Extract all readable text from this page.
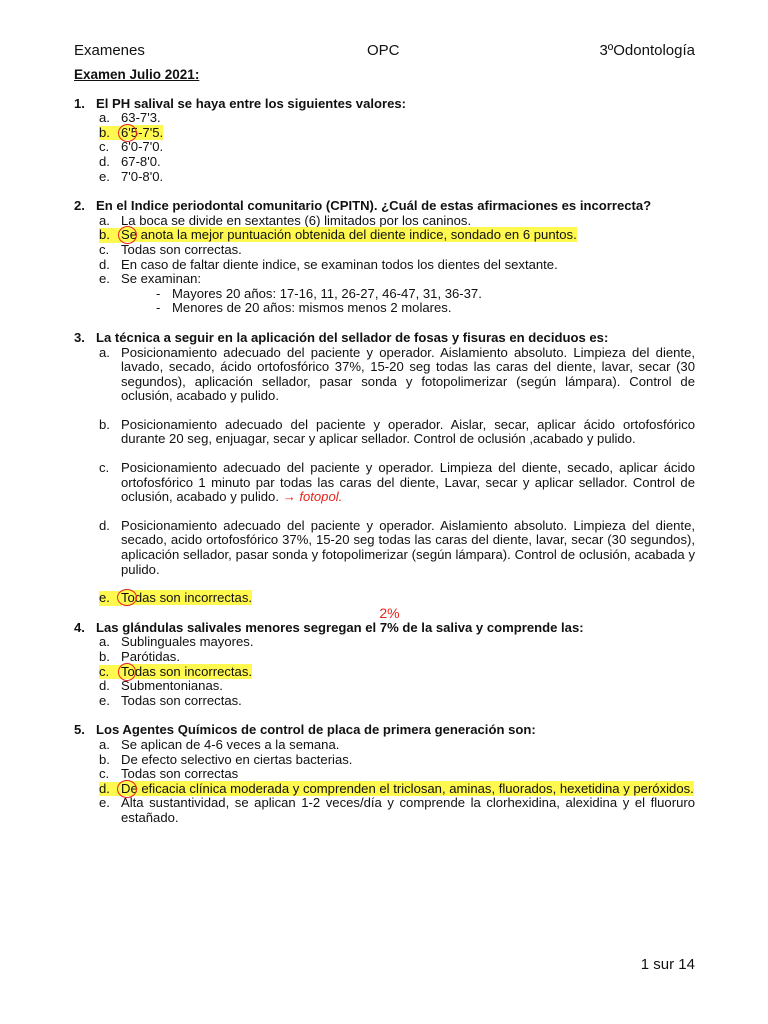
Examenes	OPC	3ºOdontología
Examen Julio 2021:
1. El PH salival se haya entre los siguientes valores:
a. 63-7'3.
b. 6'5-7'5.
c. 6'0-7'0.
d. 67-8'0.
e. 7'0-8'0.
2. En el Indice periodontal comunitario (CPITN). ¿Cuál de estas afirmaciones es incorrecta?
a. La boca se divide en sextantes (6) limitados por los caninos.
b. Se anota la mejor puntuación obtenida del diente indice, sondado en 6 puntos.
c. Todas son correctas.
d. En caso de faltar diente indice, se examinan todos los dientes del sextante.
e. Se examinan:
- Mayores 20 años: 17-16, 11, 26-27, 46-47, 31, 36-37.
- Menores de 20 años: mismos menos 2 molares.
3. La técnica a seguir en la aplicación del sellador de fosas y fisuras en deciduos es:
a. Posicionamiento adecuado del paciente y operador. Aislamiento absoluto. Limpieza del diente, lavado, secado, ácido ortofosfórico 37%, 15-20 seg todas las caras del diente, lavar, secar (30 segundos), aplicación sellador, pasar sonda y fotopolimerizar (según lámpara). Control de oclusión, acabado y pulido.
b. Posicionamiento adecuado del paciente y operador. Aislar, secar, aplicar ácido ortofosfórico durante 20 seg, enjuagar, secar y aplicar sellador. Control de oclusión ,acabado y pulido.
c. Posicionamiento adecuado del paciente y operador. Limpieza del diente, secado, aplicar ácido ortofosfórico 1 minuto par todas las caras del diente, Lavar, secar y aplicar sellador. Control de oclusión, acabado y pulido. → fotopol.
d. Posicionamiento adecuado del paciente y operador. Aislamiento absoluto. Limpieza del diente, secado, acido ortofosfórico 37%, 15-20 seg todas las caras del diente, lavar, secar (30 segundos), aplicación sellador, pasar sonda y fotopolimerizar (según lámpara). Control de oclusión, acabada y pulido.
e. Todas son incorrectas.
2%
4. Las glándulas salivales menores segregan el 7% de la saliva y comprende las:
a. Sublinguales mayores.
b. Parótidas.
c. Todas son incorrectas.
d. Submentonianas.
e. Todas son correctas.
5. Los Agentes Químicos de control de placa de primera generación son:
a. Se aplican de 4-6 veces a la semana.
b. De efecto selectivo en ciertas bacterias.
c. Todas son correctas
d. De eficacia clínica moderada y comprenden el triclosan, aminas, fluorados, hexetidina y peróxidos.
e. Alta sustantividad, se aplican 1-2 veces/día y comprende la clorhexidina, alexidina y el fluoruro estañado.
1 sur 14
